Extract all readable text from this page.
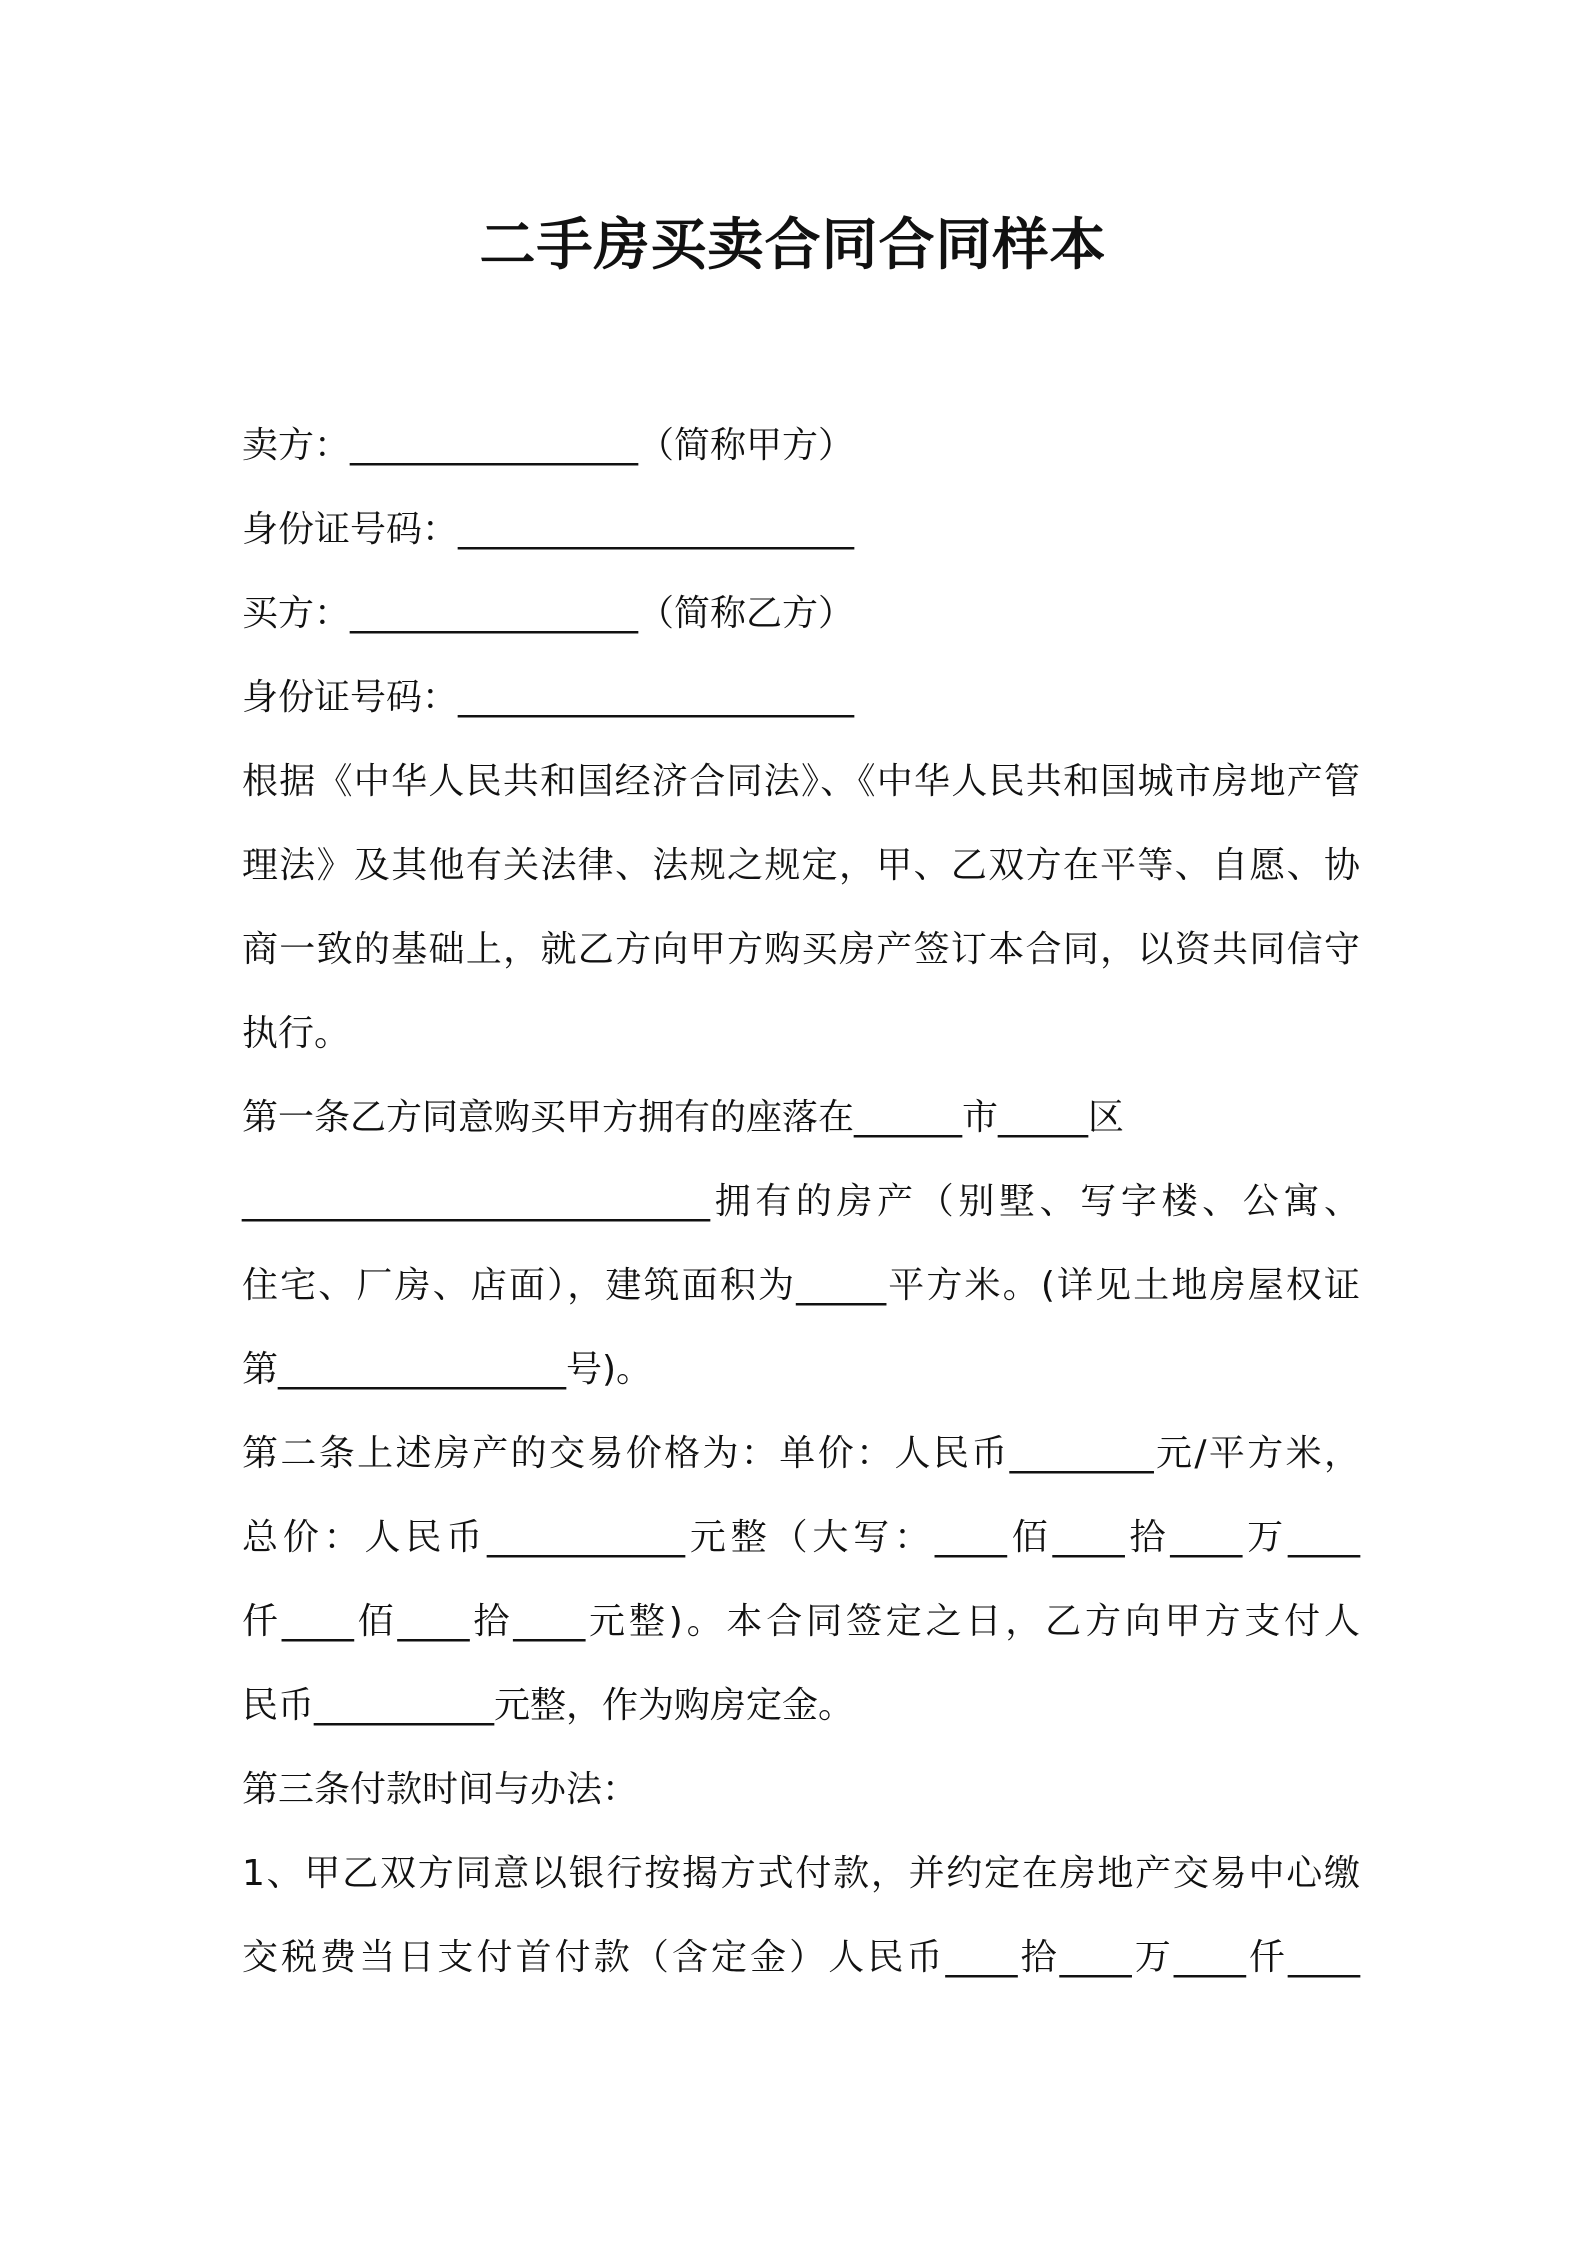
二手房买卖合同合同样本
卖方：________________（简称甲方）
身份证号码：______________________
买方：________________（简称乙方）
身份证号码：______________________
根据《中华人民共和国经济合同法》、《中华人民共和国城市房地产管
理法》及其他有关法律、法规之规定，甲、乙双方在平等、自愿、协
商一致的基础上，就乙方向甲方购买房产签订本合同，以资共同信守
执行。
第一条乙方同意购买甲方拥有的座落在______市_____区
__________________________拥有的房产（别墅、写字楼、公寓、
住宅、厂房、店面），建筑面积为_____平方米。(详见土地房屋权证
第________________号)。
第二条上述房产的交易价格为：单价：人民币________元/平方米，
总价：人民币___________元整（大写：____佰____拾____万____
仟____佰____拾____元整)。本合同签定之日，乙方向甲方支付人
民币__________元整，作为购房定金。
第三条付款时间与办法：
1、甲乙双方同意以银行按揭方式付款，并约定在房地产交易中心缴
交税费当日支付首付款（含定金）人民币____拾____万____仟____
